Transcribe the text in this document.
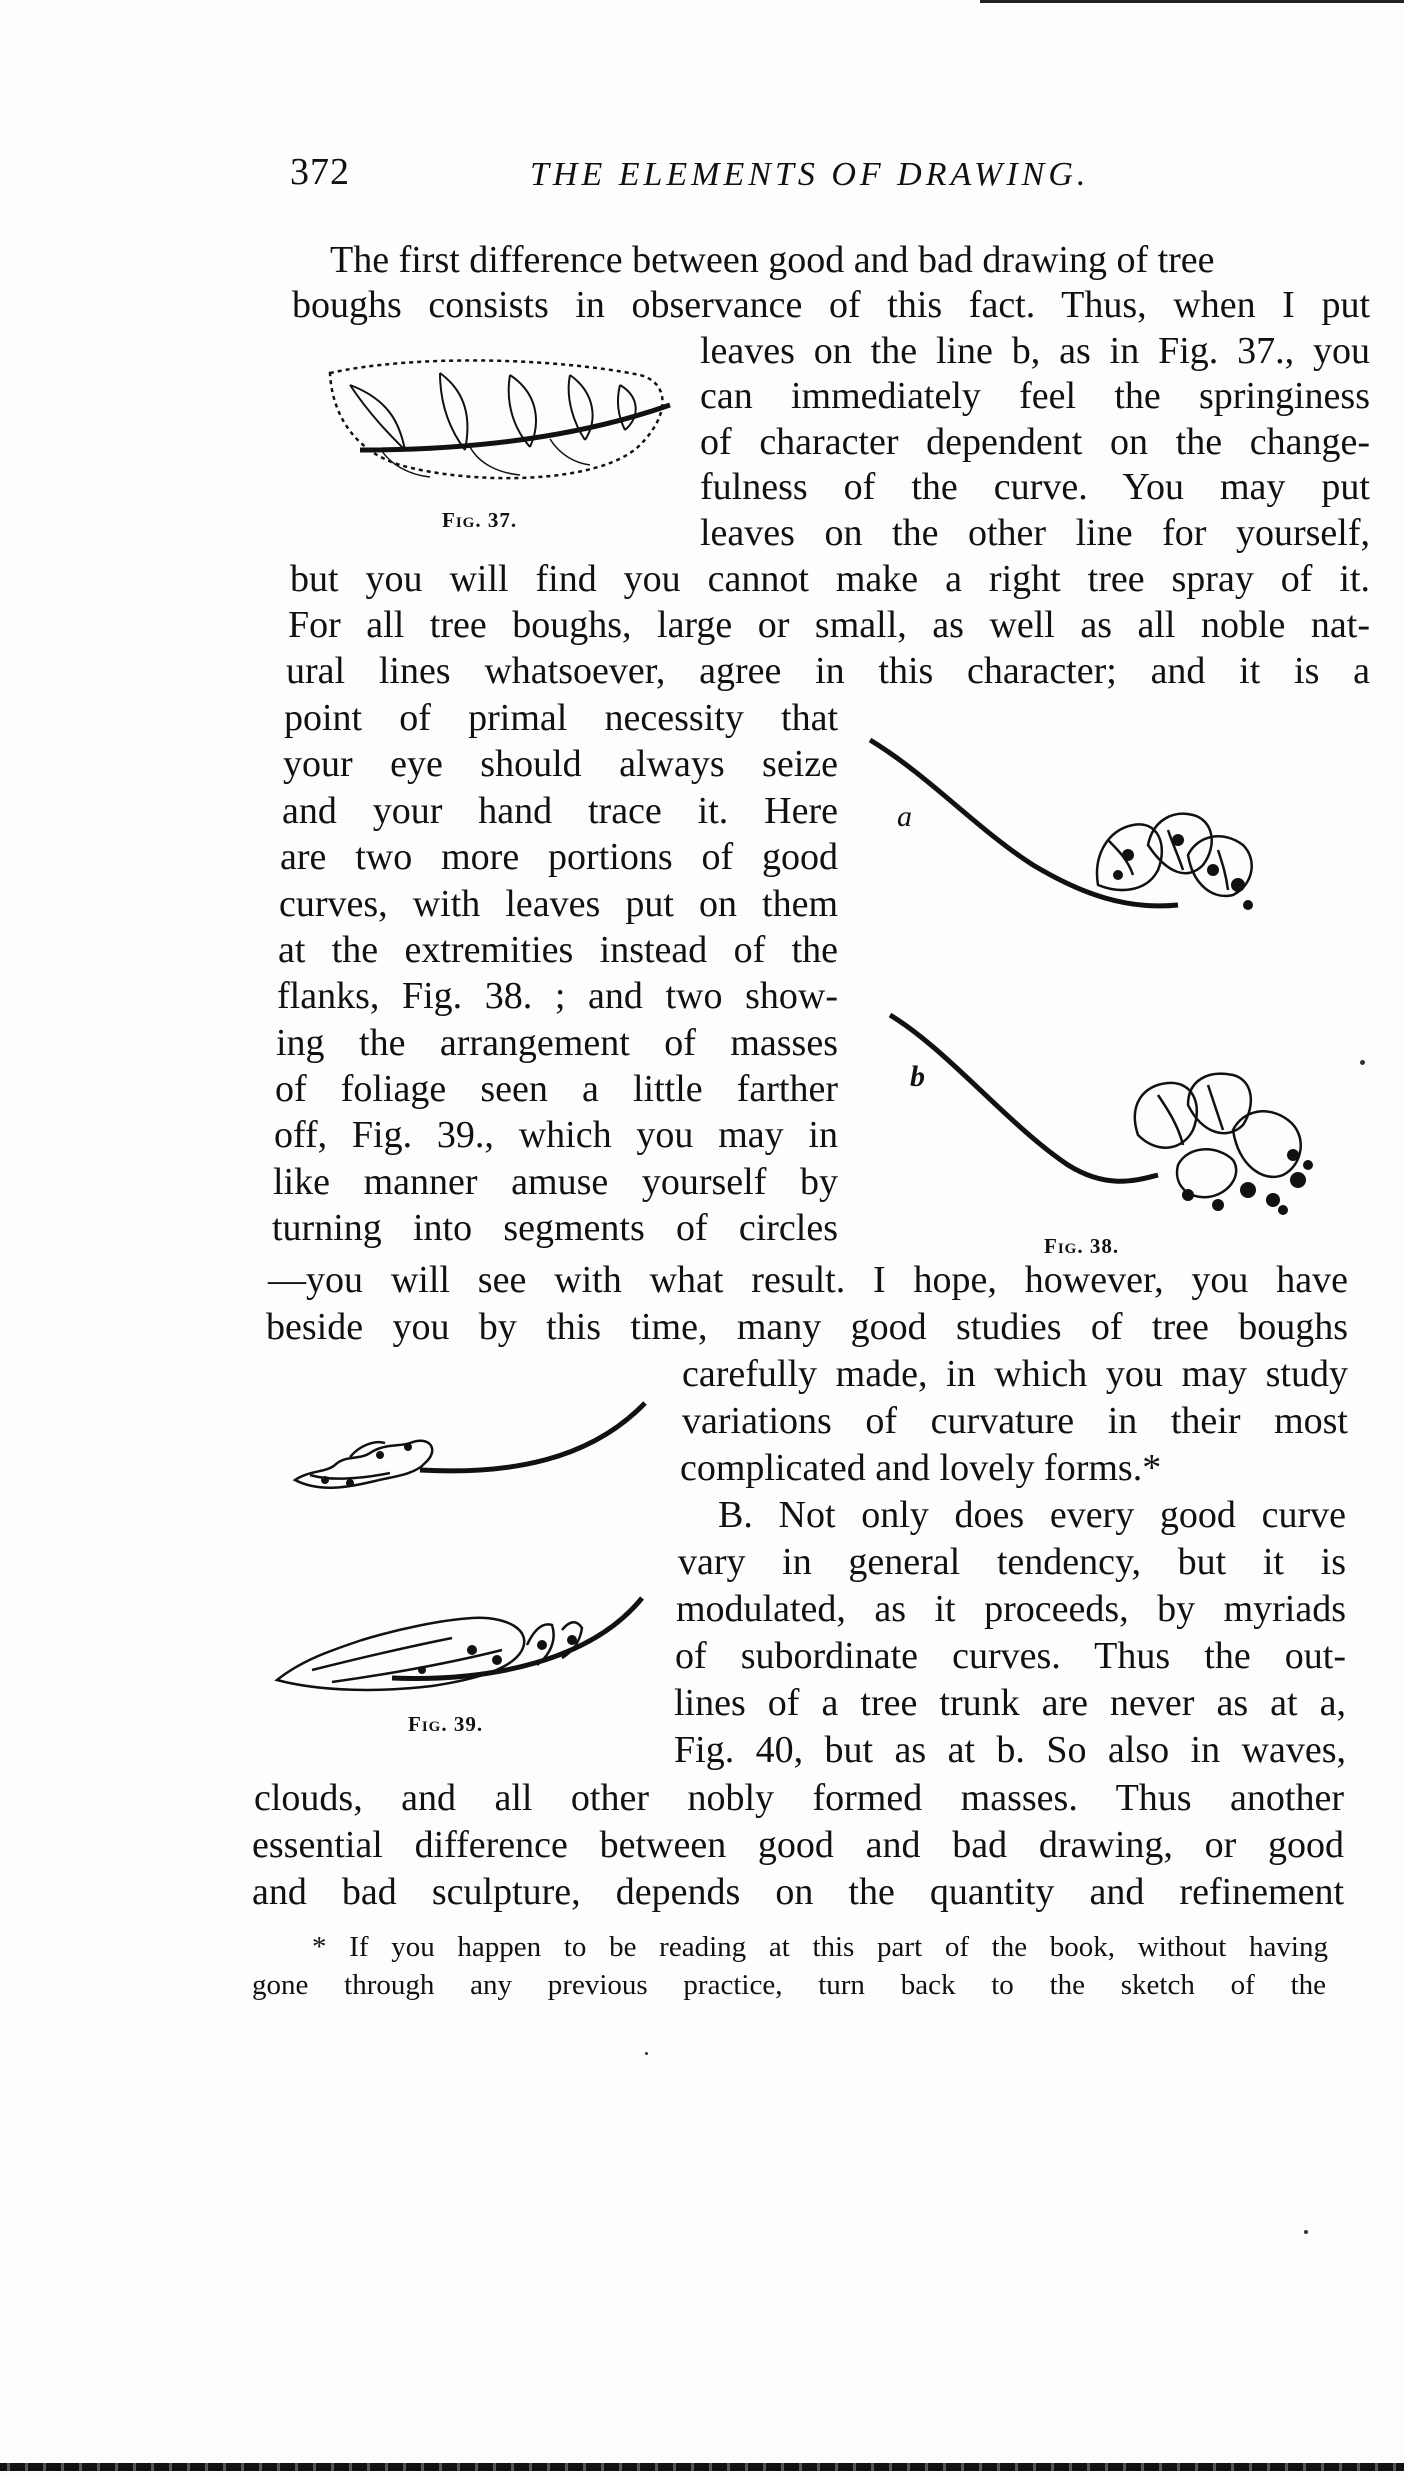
372	THE ELEMENTS OF DRAWING.
The first difference between good and bad drawing of tree
boughs consists in observance of this fact. Thus, when I put
leaves on the line b, as in Fig. 37., you
can immediately feel the springiness
of character dependent on the change-
fulness of the curve. You may put
leaves on the other line for yourself,
but you will find you cannot make a right tree spray of it.
For all tree boughs, large or small, as well as all noble nat-
ural lines whatsoever, agree in this character; and it is a
point of primal necessity that
your eye should always seize
and your hand trace it. Here
are two more portions of good
curves, with leaves put on them
at the extremities instead of the
flanks, Fig. 38. ; and two show-
ing the arrangement of masses
of foliage seen a little farther
off, Fig. 39., which you may in
like manner amuse yourself by
turning into segments of circles
—you will see with what result. I hope, however, you have
beside you by this time, many good studies of tree boughs
carefully made, in which you may study
variations of curvature in their most
complicated and lovely forms.*
B. Not only does every good curve
vary in general tendency, but it is
modulated, as it proceeds, by myriads
of subordinate curves. Thus the out-
lines of a tree trunk are never as at a,
Fig. 40, but as at b. So also in waves,
clouds, and all other nobly formed masses. Thus another
essential difference between good and bad drawing, or good
and bad sculpture, depends on the quantity and refinement
* If you happen to be reading at this part of the book, without having
gone through any previous practice, turn back to the sketch of the
Fig. 37.
a
b
Fig. 38.
Fig. 39.
